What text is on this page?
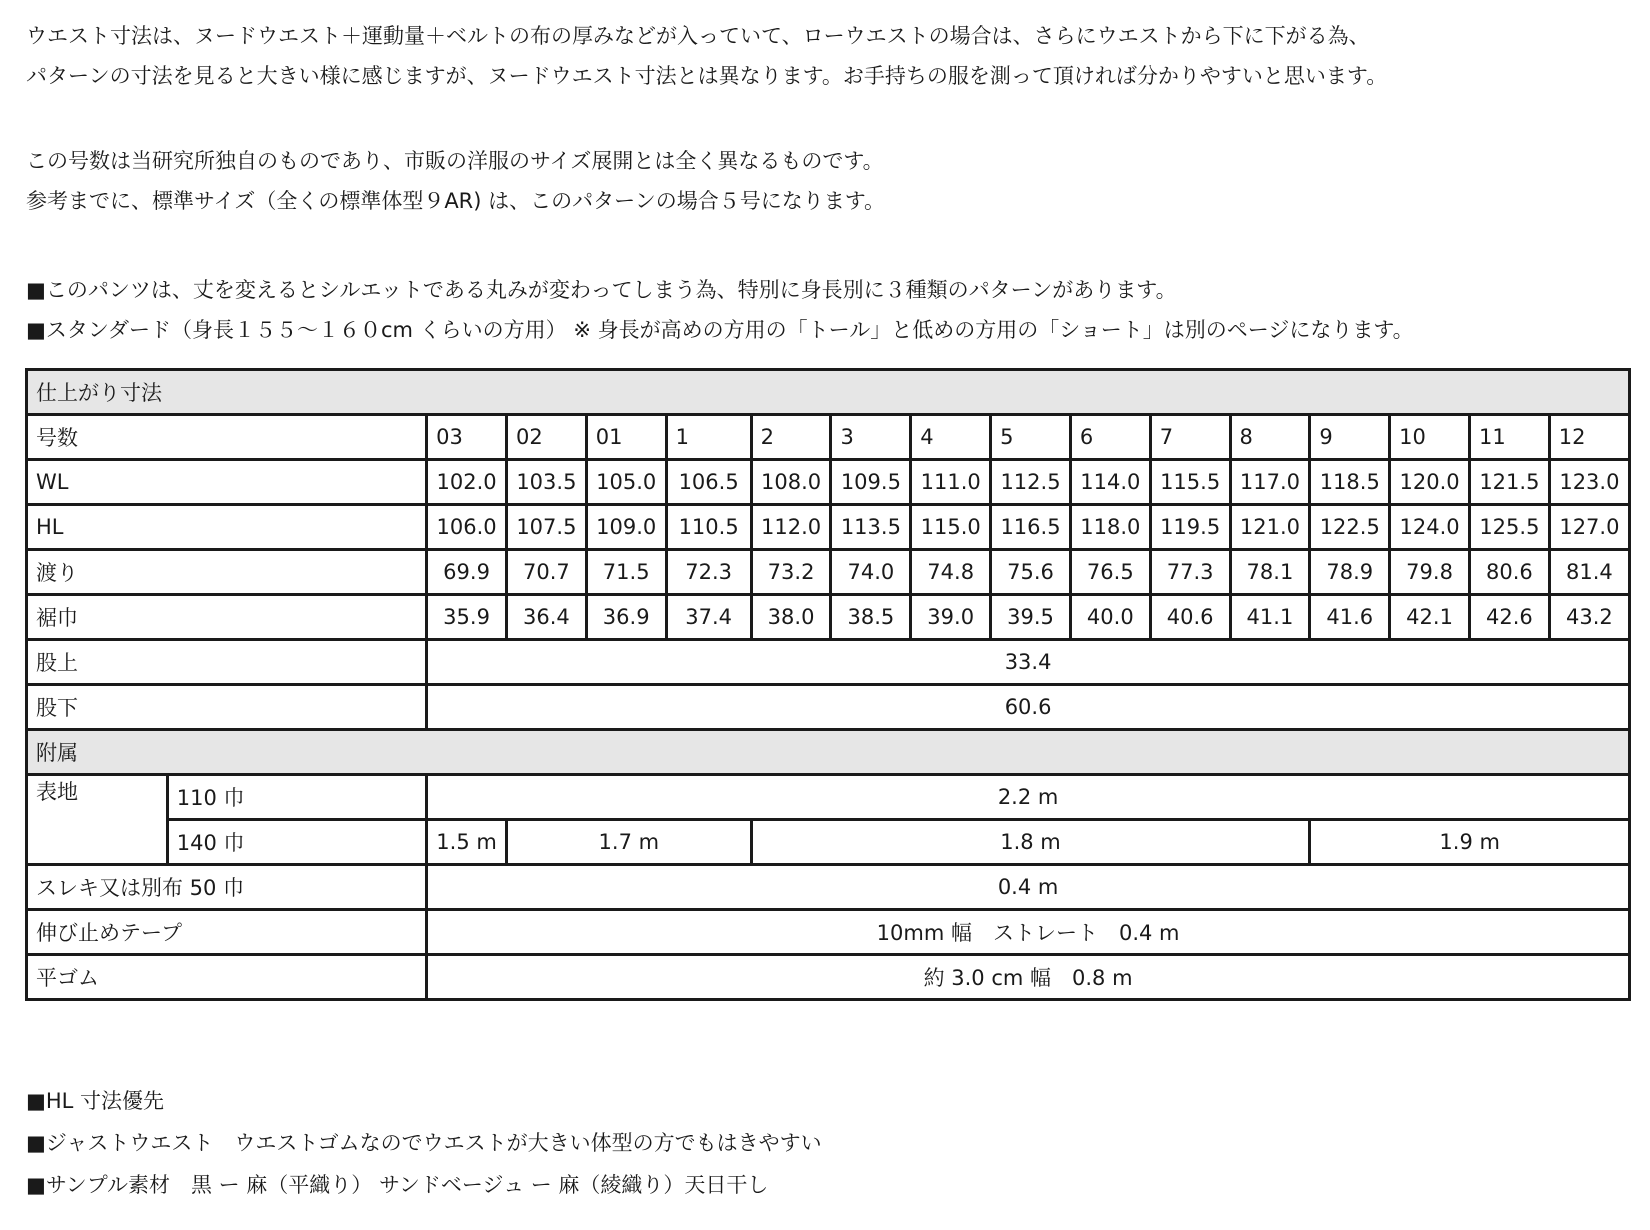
ウエスト寸法は、ヌードウエスト＋運動量＋ベルトの布の厚みなどが入っていて、ローウエストの場合は、さらにウエストから下に下がる為、
パターンの寸法を見ると大きい様に感じますが、ヌードウエスト寸法とは異なります。お手持ちの服を測って頂ければ分かりやすいと思います。
この号数は当研究所独自のものであり、市販の洋服のサイズ展開とは全く異なるものです。
参考までに、標準サイズ（全くの標準体型９AR) は、このパターンの場合５号になります。
■このパンツは、丈を変えるとシルエットである丸みが変わってしまう為、特別に身長別に３種類のパターンがあります。
■スタンダード（身長１５５～１６０cm くらいの方用） ※ 身長が高めの方用の「トール」と低めの方用の「ショート」は別のページになります。
仕上がり寸法																
号数		03	02	01	1	2	3	4	5	6	7	8	9	10	11	12
WL		102.0	103.5	105.0	106.5	108.0	109.5	111.0	112.5	114.0	115.5	117.0	118.5	120.0	121.5	123.0
HL		106.0	107.5	109.0	110.5	112.0	113.5	115.0	116.5	118.0	119.5	121.0	122.5	124.0	125.5	127.0
渡り		69.9	70.7	71.5	72.3	73.2	74.0	74.8	75.6	76.5	77.3	78.1	78.9	79.8	80.6	81.4
裾巾		35.9	36.4	36.9	37.4	38.0	38.5	39.0	39.5	40.0	40.6	41.1	41.6	42.1	42.6	43.2
股上		33.4														
股下		60.6														
附属																
表地	110 巾	2.2 m														
	140 巾	1.5 m	1.7 m			1.8 m							1.9 m			
スレキ又は別布 50 巾		0.4 m														
伸び止めテープ		10mm 幅　ストレート　0.4 m														
平ゴム		約 3.0 cm 幅　0.8 m														
■HL 寸法優先
■ジャストウエスト　ウエストゴムなのでウエストが大きい体型の方でもはきやすい
■サンプル素材　黒 ー 麻（平織り） サンドベージュ ー 麻（綾織り）天日干し
